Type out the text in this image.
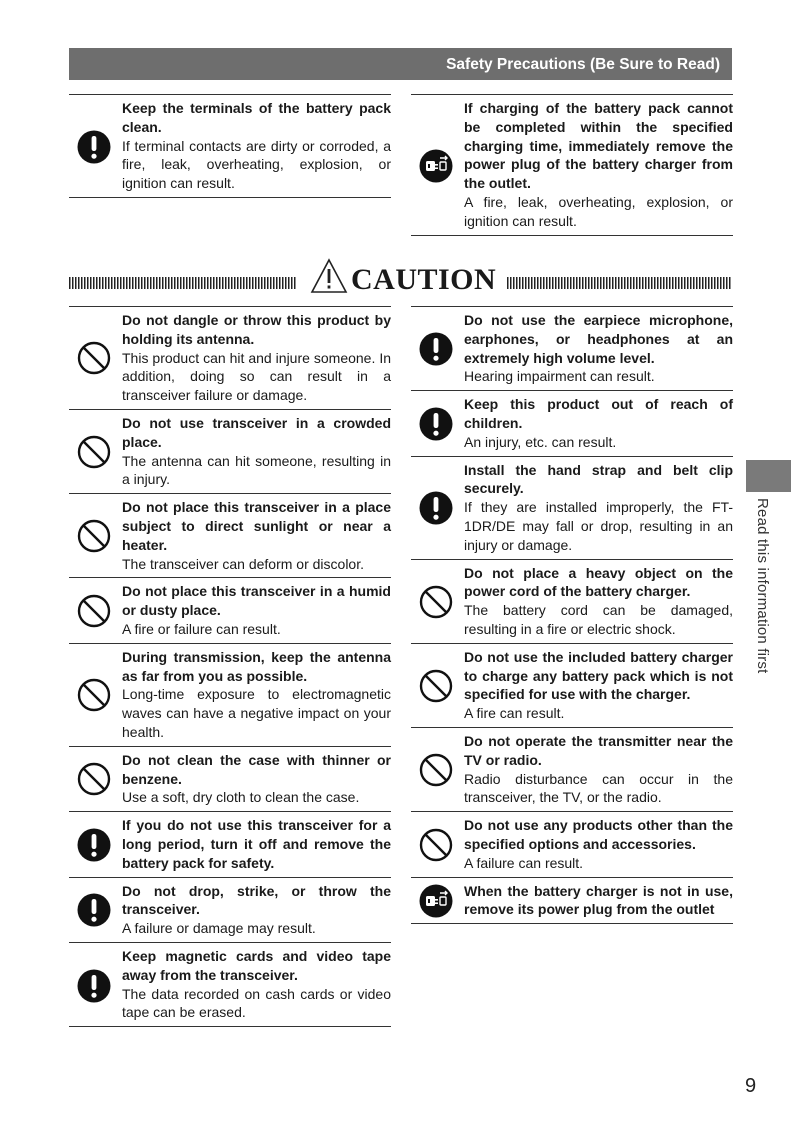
Safety Precautions (Be Sure to Read)
Keep the terminals of the battery pack clean.
If terminal contacts are dirty or corroded, a fire, leak, overheating, explosion, or ignition can result.
If charging of the battery pack cannot be completed within the specified charging time, immediately remove the power plug of the battery charger from the outlet.
A fire, leak, overheating, explosion, or ignition can result.
CAUTION
Do not dangle or throw this product by holding its antenna.
This product can hit and injure someone. In addition, doing so can result in a transceiver failure or damage.
Do not use transceiver in a crowded place.
The antenna can hit someone, resulting in a injury.
Do not place this transceiver in a place subject to direct sunlight or near a heater.
The transceiver can deform or discolor.
Do not place this transceiver in a humid or dusty place.
A fire or failure can result.
During transmission, keep the antenna as far from you as possible.
Long-time exposure to electromagnetic waves can have a negative impact on your health.
Do not clean the case with thinner or benzene.
Use a soft, dry cloth to clean the case.
If you do not use this transceiver for a long period, turn it off and remove the battery pack for safety.
Do not drop, strike, or throw the transceiver.
A failure or damage may result.
Keep magnetic cards and video tape away from the transceiver.
The data recorded on cash cards or video tape can be erased.
Do not use the earpiece microphone, earphones, or headphones at an extremely high volume level.
Hearing impairment can result.
Keep this product out of reach of children.
An injury, etc. can result.
Install the hand strap and belt clip securely.
If they are installed improperly, the FT-1DR/DE may fall or drop, resulting in an injury or damage.
Do not place a heavy object on the power cord of the battery charger.
The battery cord can be damaged, resulting in a fire or electric shock.
Do not use the included battery charger to charge any battery pack which is not specified for use with the charger.
A fire can result.
Do not operate the transmitter near the TV or radio.
Radio disturbance can occur in the transceiver, the TV, or the radio.
Do not use any products other than the specified options and accessories.
A failure can result.
When the battery charger is not in use, remove its power plug from the outlet
Read this information first
9
